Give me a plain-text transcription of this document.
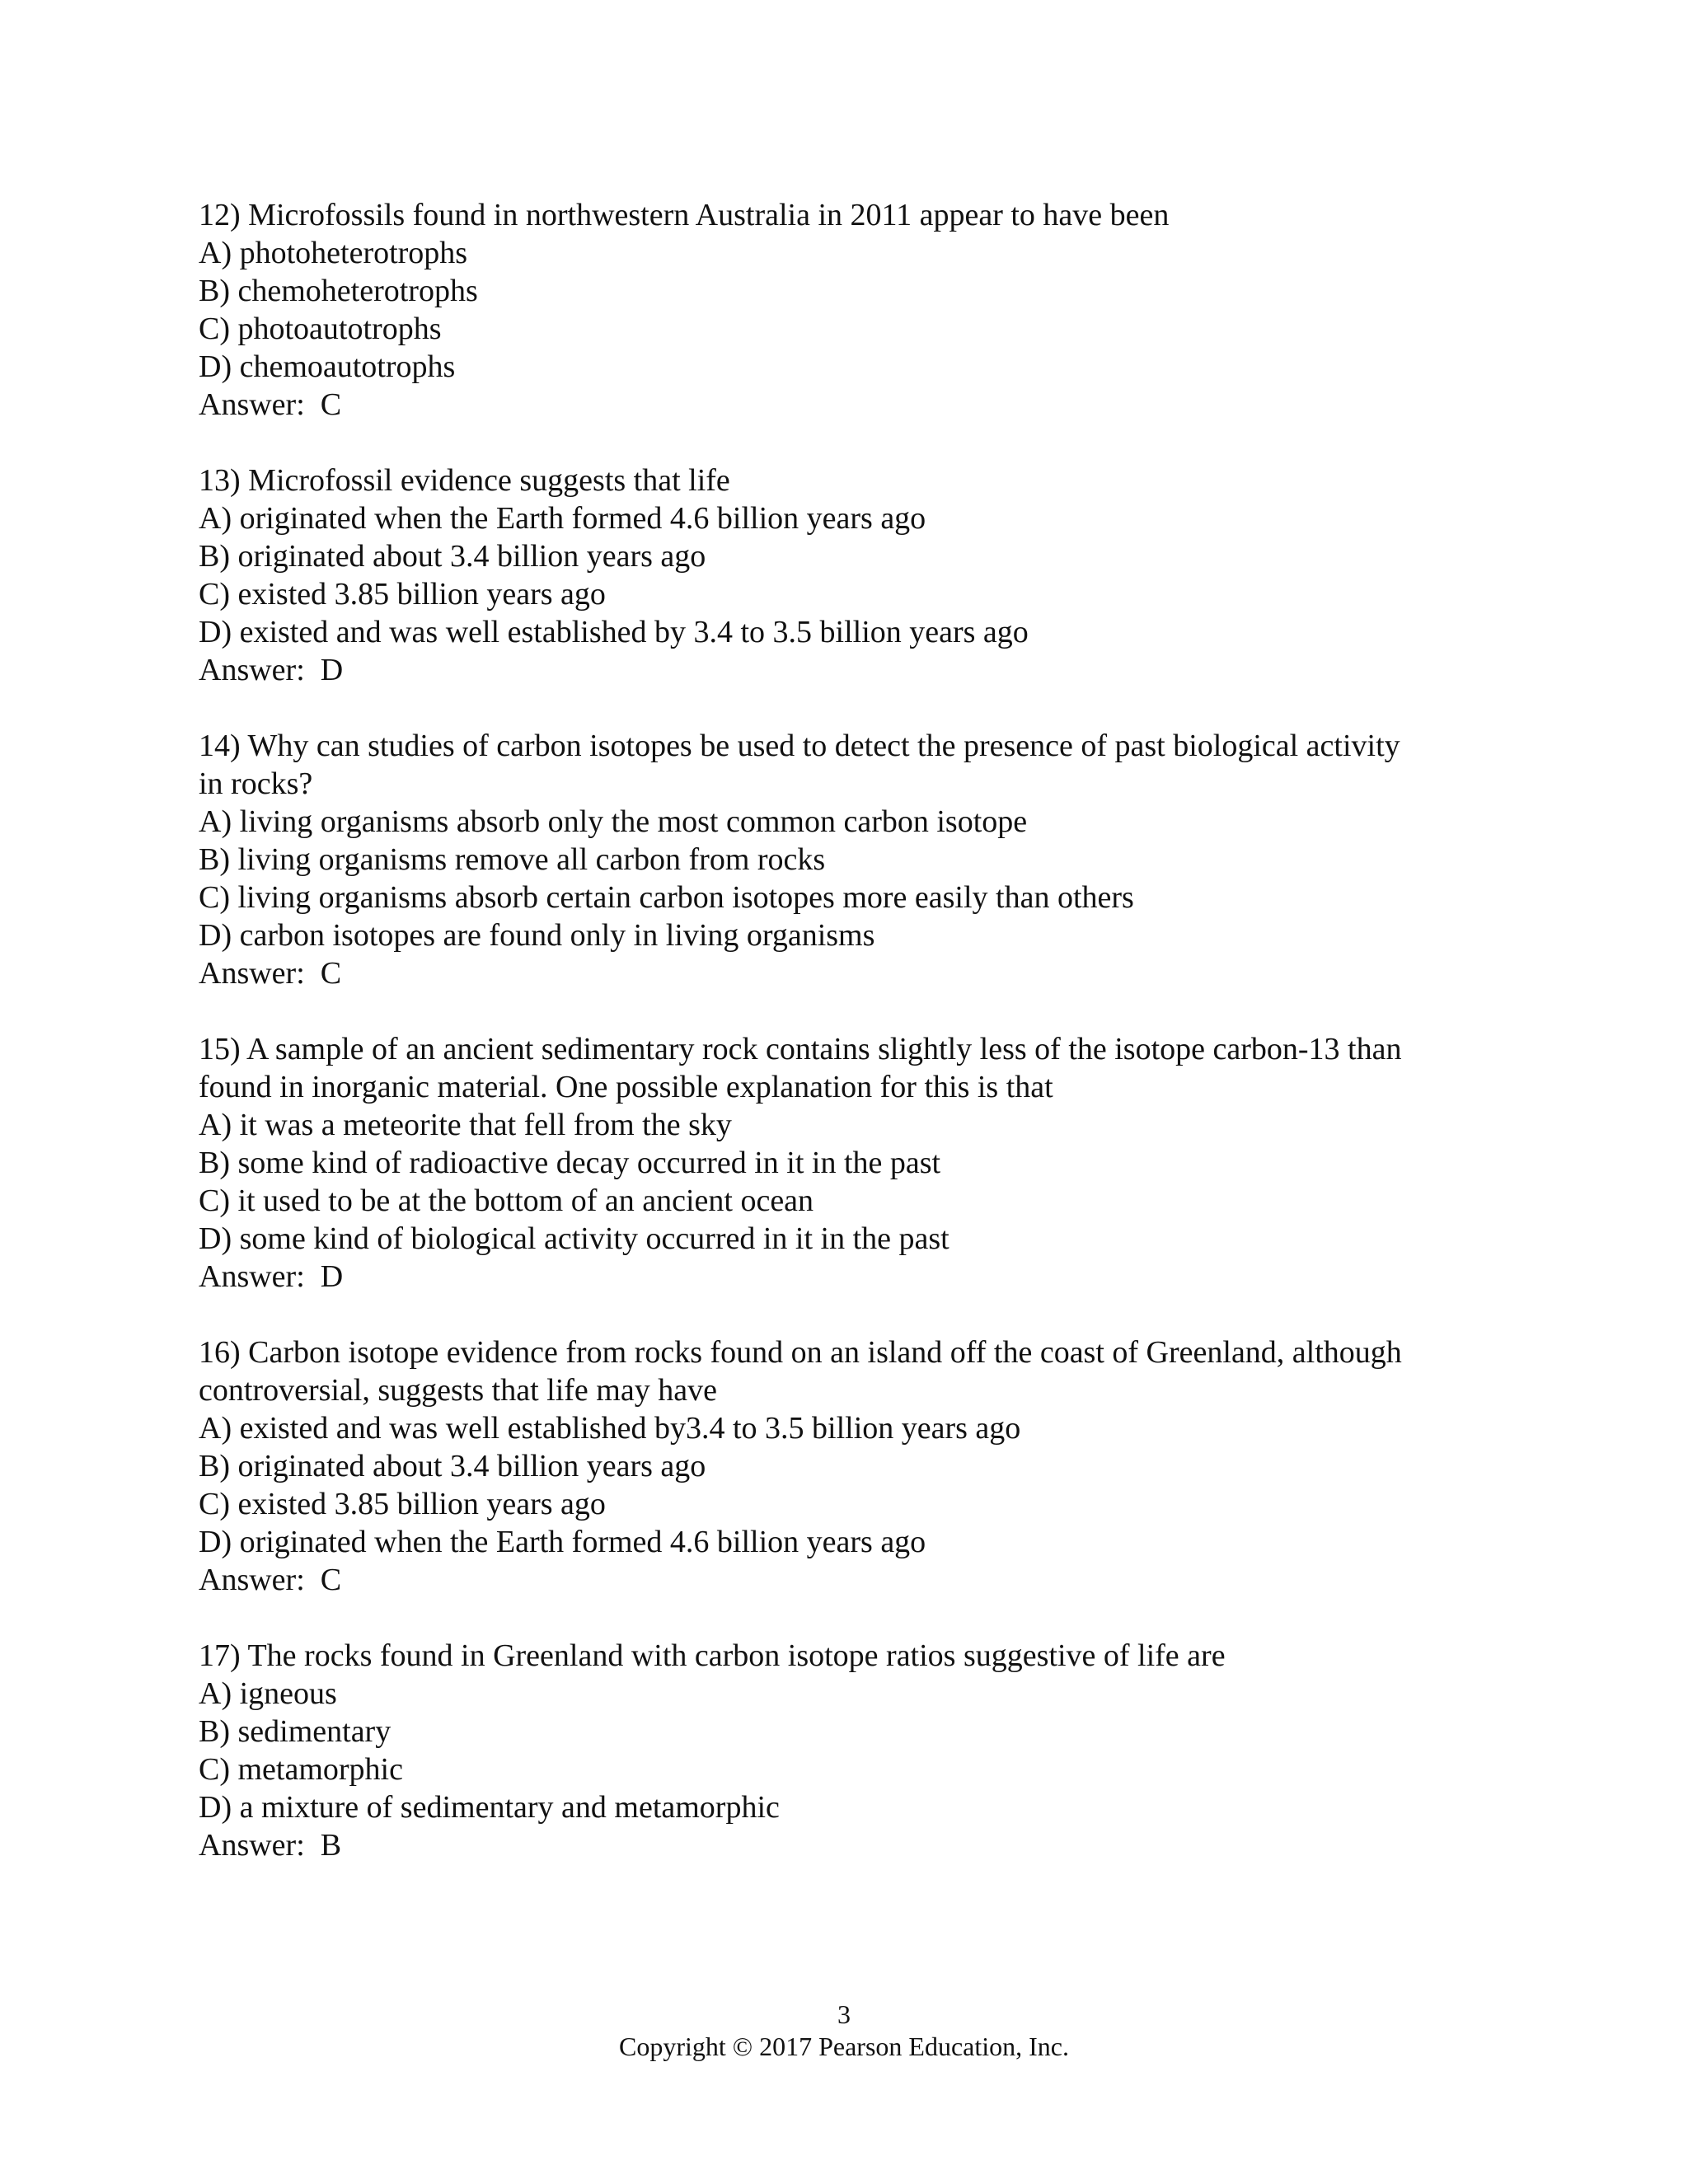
12) Microfossils found in northwestern Australia in 2011 appear to have been

A) photoheterotrophs

B) chemoheterotrophs

C) photoautotrophs

D) chemoautotrophs

Answer:  C

13) Microfossil evidence suggests that life

A) originated when the Earth formed 4.6 billion years ago

B) originated about 3.4 billion years ago

C) existed 3.85 billion years ago

D) existed and was well established by 3.4 to 3.5 billion years ago

Answer:  D

14) Why can studies of carbon isotopes be used to detect the presence of past biological activity

in rocks?

A) living organisms absorb only the most common carbon isotope

B) living organisms remove all carbon from rocks

C) living organisms absorb certain carbon isotopes more easily than others

D) carbon isotopes are found only in living organisms

Answer:  C

15) A sample of an ancient sedimentary rock contains slightly less of the isotope carbon-13 than

found in inorganic material. One possible explanation for this is that

A) it was a meteorite that fell from the sky

B) some kind of radioactive decay occurred in it in the past

C) it used to be at the bottom of an ancient ocean

D) some kind of biological activity occurred in it in the past

Answer:  D

16) Carbon isotope evidence from rocks found on an island off the coast of Greenland, although

controversial, suggests that life may have

A) existed and was well established by3.4 to 3.5 billion years ago

B) originated about 3.4 billion years ago

C) existed 3.85 billion years ago

D) originated when the Earth formed 4.6 billion years ago

Answer:  C

17) The rocks found in Greenland with carbon isotope ratios suggestive of life are

A) igneous

B) sedimentary

C) metamorphic

D) a mixture of sedimentary and metamorphic

Answer:  B

3
Copyright © 2017 Pearson Education, Inc.
